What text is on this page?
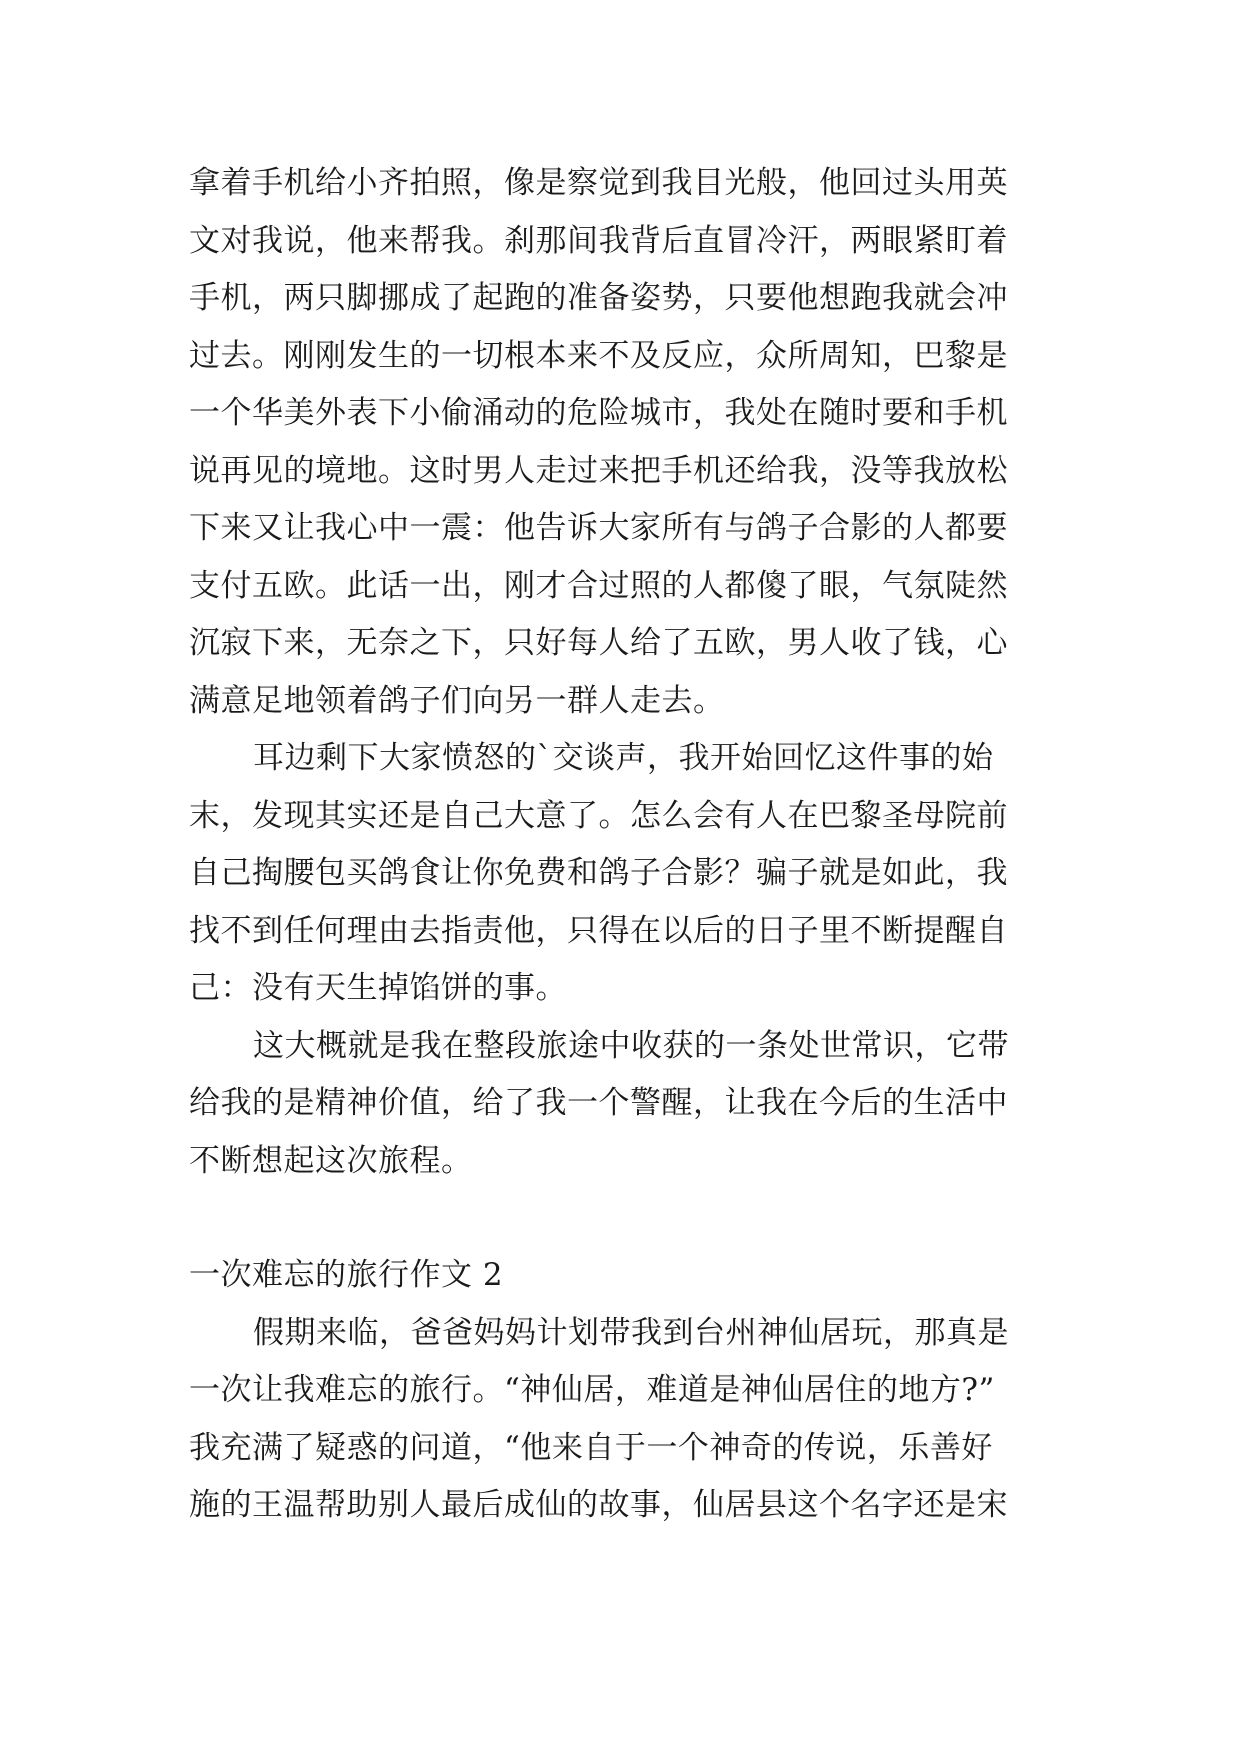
拿着手机给小齐拍照，像是察觉到我目光般，他回过头用英
文对我说，他来帮我。刹那间我背后直冒冷汗，两眼紧盯着
手机，两只脚挪成了起跑的准备姿势，只要他想跑我就会冲
过去。刚刚发生的一切根本来不及反应，众所周知，巴黎是
一个华美外表下小偷涌动的危险城市，我处在随时要和手机
说再见的境地。这时男人走过来把手机还给我，没等我放松
下来又让我心中一震：他告诉大家所有与鸽子合影的人都要
支付五欧。此话一出，刚才合过照的人都傻了眼，气氛陡然
沉寂下来，无奈之下，只好每人给了五欧，男人收了钱，心
满意足地领着鸽子们向另一群人走去。
耳边剩下大家愤怒的`交谈声，我开始回忆这件事的始
末，发现其实还是自己大意了。怎么会有人在巴黎圣母院前
自己掏腰包买鸽食让你免费和鸽子合影？骗子就是如此，我
找不到任何理由去指责他，只得在以后的日子里不断提醒自
己：没有天生掉馅饼的事。
这大概就是我在整段旅途中收获的一条处世常识，它带
给我的是精神价值，给了我一个警醒，让我在今后的生活中
不断想起这次旅程。
一次难忘的旅行作文 2
假期来临，爸爸妈妈计划带我到台州神仙居玩，那真是
一次让我难忘的旅行。“神仙居，难道是神仙居住的地方?”
我充满了疑惑的问道，“他来自于一个神奇的传说，乐善好
施的王温帮助别人最后成仙的故事，仙居县这个名字还是宋
